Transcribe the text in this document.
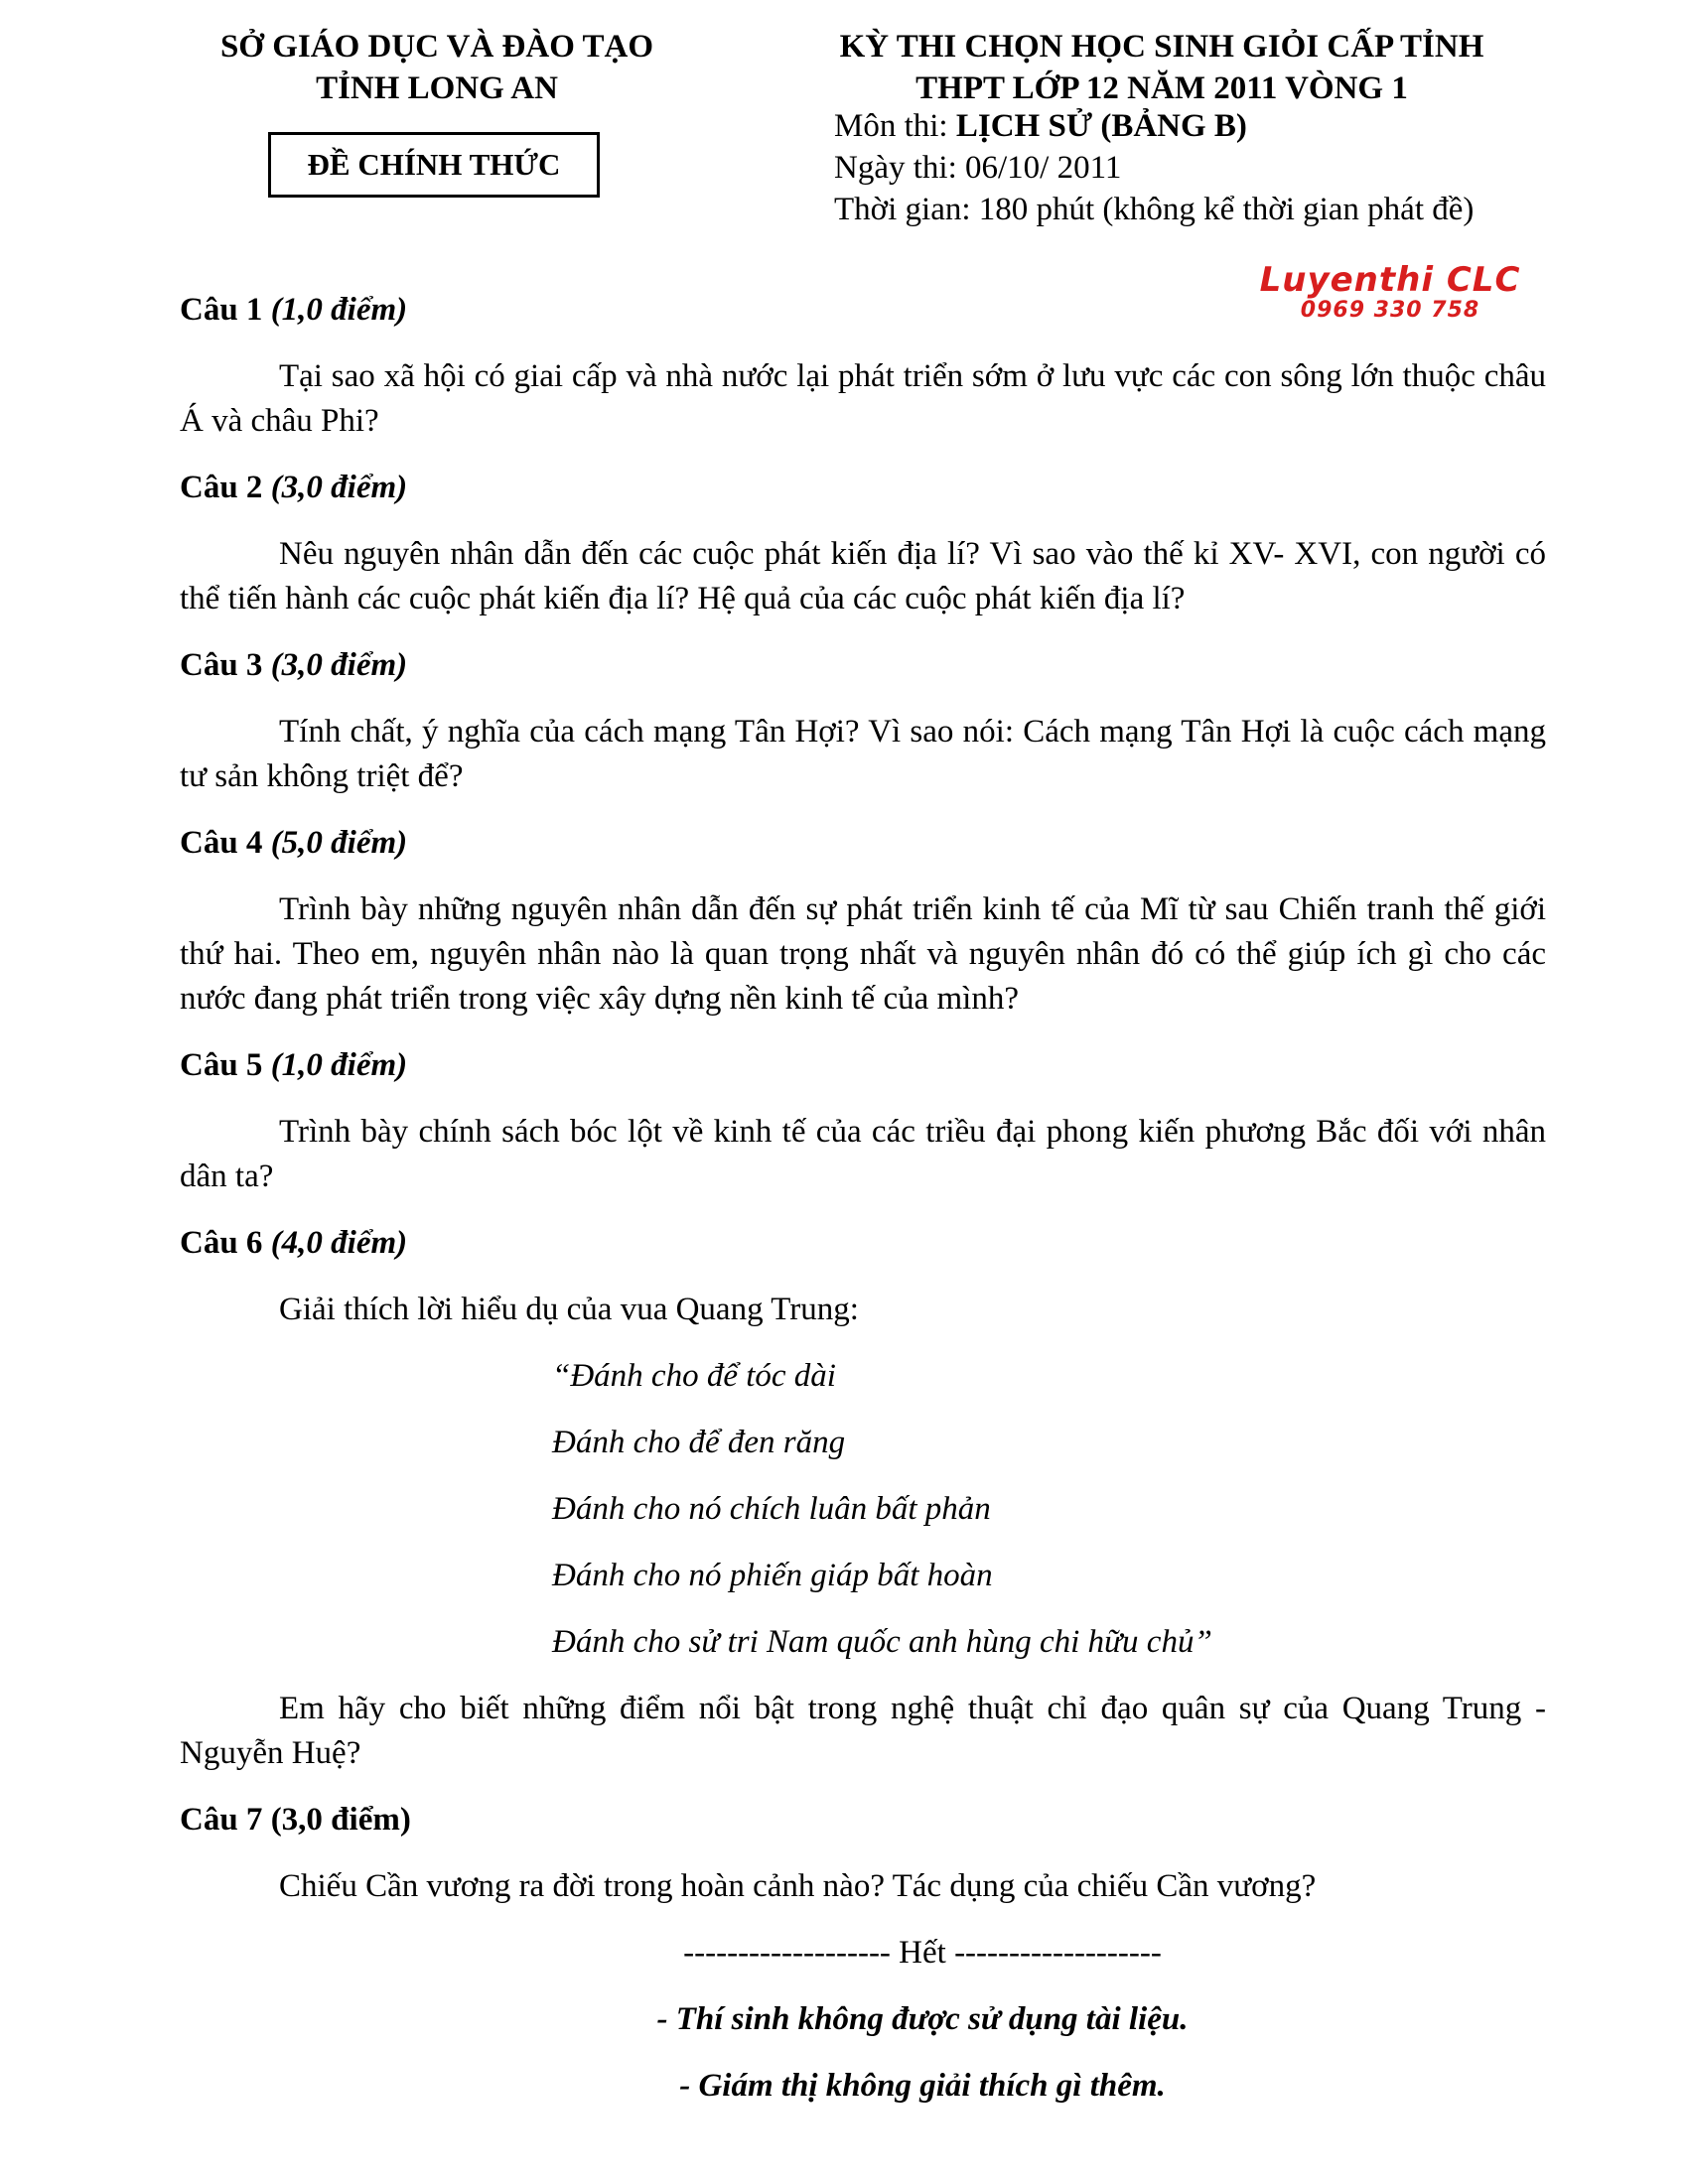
SỞ GIÁO DỤC VÀ ĐÀO TẠO
TỈNH LONG AN
ĐỀ CHÍNH THỨC
KỲ THI CHỌN HỌC SINH GIỎI CẤP TỈNH
THPT LỚP 12 NĂM 2011 VÒNG 1
Môn thi: LỊCH SỬ (BẢNG B)
Ngày thi: 06/10/ 2011
Thời gian: 180 phút (không kể thời gian phát đề)
Luyenthi CLC
0969 330 758

Câu 1 (1,0 điểm)

Tại sao xã hội có giai cấp và nhà nước lại phát triển sớm ở lưu vực các con sông lớn thuộc châu Á và châu Phi?

Câu 2 (3,0 điểm)

Nêu nguyên nhân dẫn đến các cuộc phát kiến địa lí? Vì sao vào thế kỉ XV- XVI, con người có thể tiến hành các cuộc phát kiến địa lí? Hệ quả của các cuộc phát kiến địa lí?

Câu 3 (3,0 điểm)

Tính chất, ý nghĩa của cách mạng Tân Hợi? Vì sao nói: Cách mạng Tân Hợi là cuộc cách mạng tư sản không triệt để?

Câu 4 (5,0 điểm)

Trình bày những nguyên nhân dẫn đến sự phát triển kinh tế của Mĩ từ sau Chiến tranh thế giới thứ hai. Theo em, nguyên nhân nào là quan trọng nhất và nguyên nhân đó có thể giúp ích gì cho các nước đang phát triển trong việc xây dựng nền kinh tế của mình?

Câu 5 (1,0 điểm)

Trình bày chính sách bóc lột về kinh tế của các triều đại phong kiến phương Bắc đối với nhân dân ta?

Câu 6 (4,0 điểm)

Giải thích lời hiểu dụ của vua Quang Trung:

“Đánh cho để tóc dài

Đánh cho để đen răng

Đánh cho nó chích luân bất phản

Đánh cho nó phiến giáp bất hoàn

Đánh cho sử tri Nam quốc anh hùng chi hữu chủ”

Em hãy cho biết những điểm nổi bật trong nghệ thuật chỉ đạo quân sự của Quang Trung - Nguyễn Huệ?

Câu 7 (3,0 điểm)

Chiếu Cần vương ra đời trong hoàn cảnh nào? Tác dụng của chiếu Cần vương?

------------------- Hết -------------------

- Thí sinh không được sử dụng tài liệu.

- Giám thị không giải thích gì thêm.
